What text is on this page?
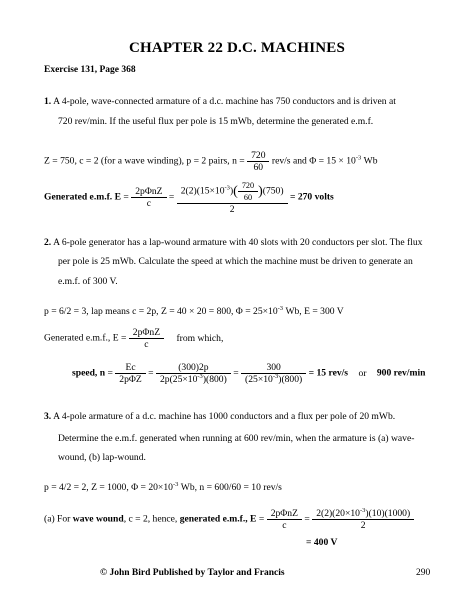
CHAPTER 22 D.C. MACHINES
Exercise 131, Page 368
1. A 4-pole, wave-connected armature of a d.c. machine has 750 conductors and is driven at
720 rev/min. If the useful flux per pole is 15 mWb, determine the generated e.m.f.
Z = 750, c = 2 (for a wave winding), p = 2 pairs, $n = \frac{720}{60} rev/s$ and $\Phi = 15 \times 10^{-3}$ Wb
Generated e.m.f. $E = \frac{\text{2pΦnZ}}{c} = \frac{2(2)(15\times 10^{-3})( \frac{720}{60} )(750)}{2} = 270$ volts
2. A 6-pole generator has a lap-wound armature with 40 slots with 20 conductors per slot. The flux
per pole is 25 mWb. Calculate the speed at which the machine must be driven to generate an
e.m.f. of 300 V.
p = 6/2 = 3, lap means c = 2p, Z = 40 × 20 = 800, $\Phi = 25\times 10^{-3}$ Wb, E = 300 V
Generated e.m.f., $E = \frac{\text{2pΦnZ}}{c}$ from which,
speed, $n = \frac{Ec}{\text{2pΦZ}} = \frac{(300)2p}{2p(25\times 10^{-3})(800)} = \frac{300}{(25\times 10^{-3})(800)} = 15$ rev/s or 900 rev/min
3. A 4-pole armature of a d.c. machine has 1000 conductors and a flux per pole of 20 mWb.
Determine the e.m.f. generated when running at 600 rev/min, when the armature is (a) wave-
wound, (b) lap-wound.
p = 4/2 = 2, Z = 1000, $\Phi = 20\times 10^{-3}$ Wb, n = 600/60 = 10 rev/s
(a) For wave wound, c = 2, hence, generated e.m.f., $E = \frac{\text{2pΦnZ}}{c} = \frac{2(2)(20\times 10^{-3})(10)(1000)}{2}$
= 400 V
© John Bird Published by Taylor and Francis	290
